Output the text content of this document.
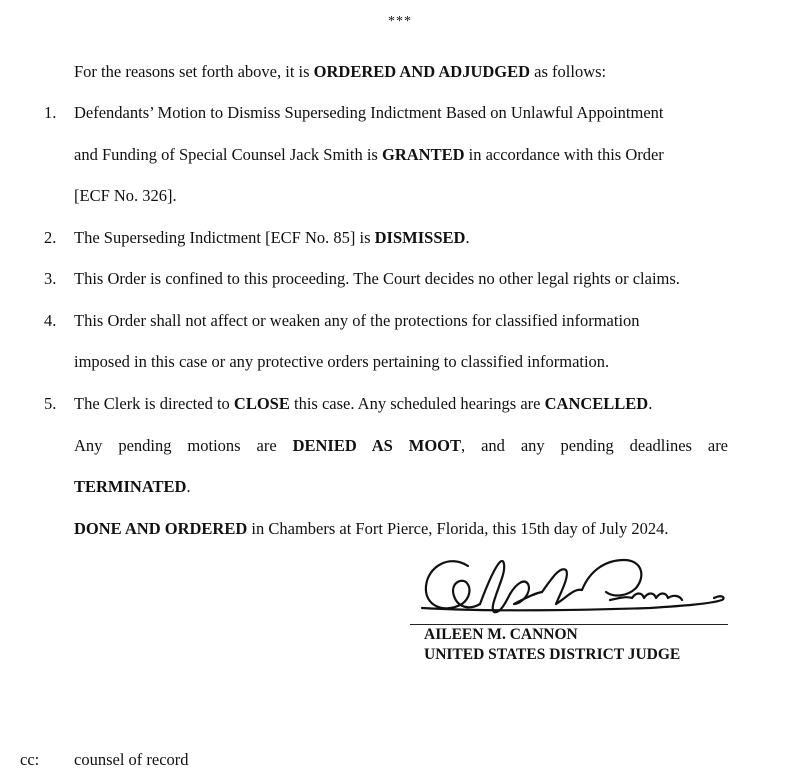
***
For the reasons set forth above, it is ORDERED AND ADJUDGED as follows:
1. Defendants’ Motion to Dismiss Superseding Indictment Based on Unlawful Appointment
and Funding of Special Counsel Jack Smith is GRANTED in accordance with this Order
[ECF No. 326].
2. The Superseding Indictment [ECF No. 85] is DISMISSED.
3. This Order is confined to this proceeding. The Court decides no other legal rights or claims.
4. This Order shall not affect or weaken any of the protections for classified information
imposed in this case or any protective orders pertaining to classified information.
5. The Clerk is directed to CLOSE this case. Any scheduled hearings are CANCELLED.
Any pending motions are DENIED AS MOOT, and any pending deadlines are
TERMINATED.
DONE AND ORDERED in Chambers at Fort Pierce, Florida, this 15th day of July 2024.
AILEEN M. CANNON
UNITED STATES DISTRICT JUDGE
cc: counsel of record
